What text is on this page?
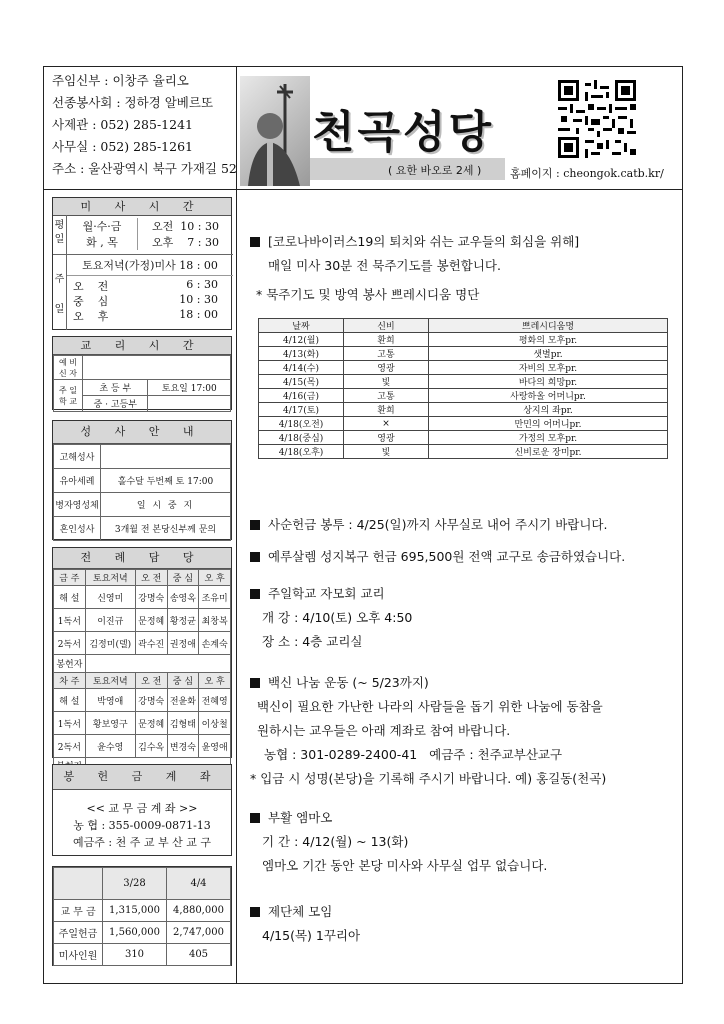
주임신부 : 이창주 율리오
선종봉사회 : 정하경 알베르또
사제관 : 052) 285-1241
사무실 : 052) 285-1261
주소 : 울산광역시 북구 가재길 52
천곡성당
( 요한 바오로 2세 )	홈페이지 : cheongok.catb.kr/
미 사 시 간
평일
월·수·금	오전  10 : 30
화 , 목	오후    7 : 30
주일
토요저녁(가정)미사 18 : 00
오    전	6 : 30
중    심	10 : 30
오    후	18 : 00
교 리 시 간
예 비 신 자		
주 일 학 교	초 등 부	토요일 17:00
	중 · 고등부	
성 사 안 내
고해성사	
유아세례	홀수달 두번째 토 17:00
병자영성체	일 시 중 지
혼인성사	3개월 전 본당신부께 문의
전 례 담 당
금 주	토요저녁	오 전	중 심	오 후
해 설	신영미	강명숙	송영옥	조유미
1독서	이진규	문정혜	황정균	최창복
2독서	김정미(델)	곽수진	권정애	손계숙
봉헌자				
차 주	토요저녁	오 전	중 심	오 후
해 설	박영애	강명숙	전윤화	전혜영
1독서	황보영구	문정혜	김형태	이상철
2독서	윤수영	김수옥	변경숙	윤영애

봉 헌 금 계 좌
<< 교 무 금 계 좌 >>
농 협 : 355-0009-0871-13
예금주 : 천 주 교 부 산 교 구
	3/28	4/4
교 무 금	1,315,000	4,880,000
주일헌금	1,560,000	2,747,000
미사인원	310	405
[코로나바이러스19의 퇴치와 쉬는 교우들의 회심을 위해]
매일 미사 30분 전 묵주기도를 봉헌합니다.
* 묵주기도 및 방역 봉사 쁘레시디움 명단
날짜	신비	쁘레시디움명
4/12(월)	환희	평화의 모후pr.
4/13(화)	고통	샛별pr.
4/14(수)	영광	자비의 모후pr.
4/15(목)	빛	바다의 희망pr.
4/16(금)	고통	사랑하올 어머니pr.
4/17(토)	환희	상지의 좌pr.
4/18(오전)	×	만민의 어머니pr.
4/18(중심)	영광	가정의 모후pr.
4/18(오후)	빛	신비로운 장미pr.
사순헌금 봉투 : 4/25(일)까지 사무실로 내어 주시기 바랍니다.
예루살렘 성지복구 헌금 695,500원 전액 교구로 송금하였습니다.
주일학교 자모회 교리
개 강 : 4/10(토) 오후 4:50
장 소 : 4층 교리실
백신 나눔 운동 (~ 5/23까지)
백신이 필요한 가난한 나라의 사람들을 돕기 위한 나눔에 동참을
원하시는 교우들은 아래 계좌로 참여 바랍니다.
농협 : 301-0289-2400-41   예금주 : 천주교부산교구
* 입금 시 성명(본당)을 기록해 주시기 바랍니다. 예) 홍길동(천곡)
부활 엠마오
기 간 : 4/12(월) ~ 13(화)
엠마오 기간 동안 본당 미사와 사무실 업무 없습니다.
제단체 모임
4/15(목) 1꾸리아
